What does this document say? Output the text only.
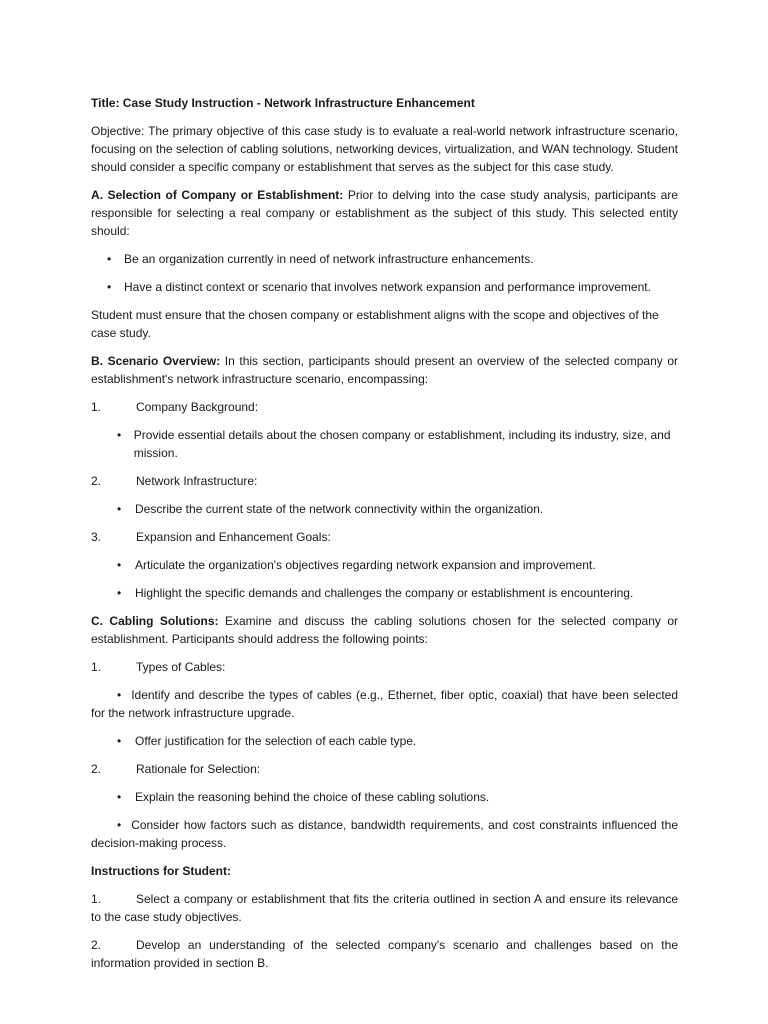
Title: Case Study Instruction - Network Infrastructure Enhancement

Objective: The primary objective of this case study is to evaluate a real-world network infrastructure scenario, focusing on the selection of cabling solutions, networking devices, virtualization, and WAN technology. Student should consider a specific company or establishment that serves as the subject for this case study.

A. Selection of Company or Establishment: Prior to delving into the case study analysis, participants are responsible for selecting a real company or establishment as the subject of this study. This selected entity should:

•	Be an organization currently in need of network infrastructure enhancements.
•	Have a distinct context or scenario that involves network expansion and performance improvement.

Student must ensure that the chosen company or establishment aligns with the scope and objectives of the case study.

B. Scenario Overview: In this section, participants should present an overview of the selected company or establishment's network infrastructure scenario, encompassing:

1.	Company Background:
•	Provide essential details about the chosen company or establishment, including its industry, size, and mission.
2.	Network Infrastructure:
•	Describe the current state of the network connectivity within the organization.
3.	Expansion and Enhancement Goals:
•	Articulate the organization's objectives regarding network expansion and improvement.
•	Highlight the specific demands and challenges the company or establishment is encountering.

C. Cabling Solutions: Examine and discuss the cabling solutions chosen for the selected company or establishment. Participants should address the following points:

1.	Types of Cables:

• Identify and describe the types of cables (e.g., Ethernet, fiber optic, coaxial) that have been selected for the network infrastructure upgrade.

•	Offer justification for the selection of each cable type.
2.	Rationale for Selection:
•	Explain the reasoning behind the choice of these cabling solutions.

• Consider how factors such as distance, bandwidth requirements, and cost constraints influenced the decision-making process.

Instructions for Student:

1.	Select a company or establishment that fits the criteria outlined in section A and ensure its relevance to the case study objectives.

2.	Develop an understanding of the selected company's scenario and challenges based on the information provided in section B.
